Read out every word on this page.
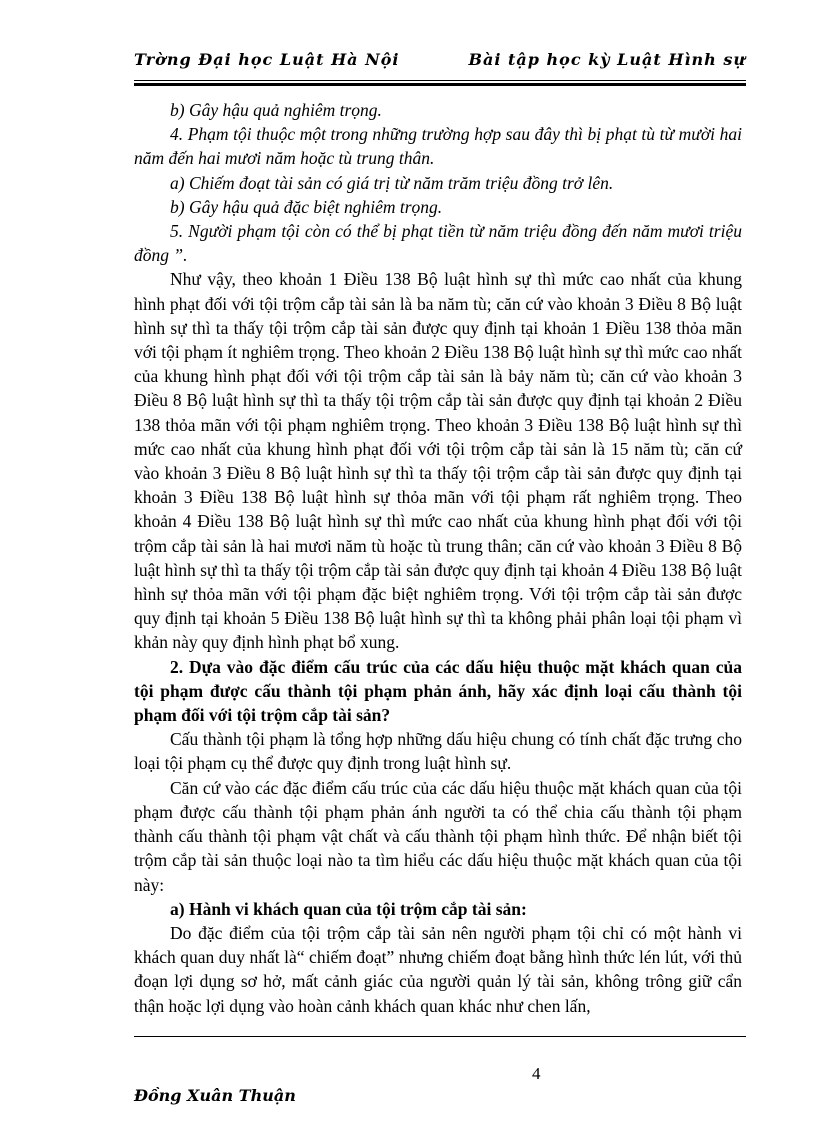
Trờng Đại học Luật Hà Nội	Bài tập học kỳ Luật Hình sự

b) Gây hậu quả nghiêm trọng.

4. Phạm tội thuộc một trong những trường hợp sau đây thì bị phạt tù từ mười hai năm đến hai mươi năm hoặc tù trung thân.

a) Chiếm đoạt tài sản có giá trị từ năm trăm triệu đồng trở lên.

b) Gây hậu quả đặc biệt nghiêm trọng.

5. Người phạm tội còn có thể bị phạt tiền từ năm triệu đồng đến năm mươi triệu đồng ”.

Như vậy, theo khoản 1 Điều 138 Bộ luật hình sự thì mức cao nhất của khung hình phạt đối với tội trộm cắp tài sản là ba năm tù; căn cứ vào khoản 3 Điều 8 Bộ luật hình sự thì ta thấy tội trộm cắp tài sản được quy định tại khoản 1 Điều 138 thỏa mãn với tội phạm ít nghiêm trọng. Theo khoản 2 Điều 138 Bộ luật hình sự thì mức cao nhất của khung hình phạt đối với tội trộm cắp tài sản là bảy năm tù; căn cứ vào khoản 3 Điều 8 Bộ luật hình sự thì ta thấy tội trộm cắp tài sản được quy định tại khoản 2 Điều 138 thỏa mãn với tội phạm nghiêm trọng. Theo khoản 3 Điều 138 Bộ luật hình sự thì mức cao nhất của khung hình phạt đối với tội trộm cắp tài sản là 15 năm tù; căn cứ vào khoản 3 Điều 8 Bộ luật hình sự thì ta thấy tội trộm cắp tài sản được quy định tại khoản 3 Điều 138 Bộ luật hình sự thỏa mãn với tội phạm rất nghiêm trọng. Theo khoản 4 Điều 138 Bộ luật hình sự thì mức cao nhất của khung hình phạt đối với tội trộm cắp tài sản là hai mươi năm tù hoặc tù trung thân; căn cứ vào khoản 3 Điều 8 Bộ luật hình sự thì ta thấy tội trộm cắp tài sản được quy định tại khoản 4 Điều 138 Bộ luật hình sự thỏa mãn với tội phạm đặc biệt nghiêm trọng. Với tội trộm cắp tài sản được quy định tại khoản 5 Điều 138 Bộ luật hình sự thì ta không phải phân loại tội phạm vì khản này quy định hình phạt bổ xung.

2. Dựa vào đặc điểm cấu trúc của các dấu hiệu thuộc mặt khách quan của tội phạm được cấu thành tội phạm phản ánh, hãy xác định loại cấu thành tội phạm đối với tội trộm cắp tài sản?

Cấu thành tội phạm là tổng hợp những dấu hiệu chung có tính chất đặc trưng cho loại tội phạm cụ thể được quy định trong luật hình sự.

Căn cứ vào các đặc điểm cấu trúc của các dấu hiệu thuộc mặt khách quan của tội phạm được cấu thành tội phạm phản ánh người ta có thể chia cấu thành tội phạm thành cấu thành tội phạm vật chất và cấu thành tội phạm hình thức. Để nhận biết tội trộm cắp tài sản thuộc loại nào ta tìm hiểu các dấu hiệu thuộc mặt khách quan của tội này:

a) Hành vi khách quan của tội trộm cắp tài sản:

Do đặc điểm của tội trộm cắp tài sản nên người phạm tội chỉ có một hành vi khách quan duy nhất là“ chiếm đoạt” nhưng chiếm đoạt bằng hình thức lén lút, với thủ đoạn lợi dụng sơ hở, mất cảnh giác của người quản lý tài sản, không trông giữ cẩn thận hoặc lợi dụng vào hoàn cảnh khách quan khác như chen lấn,

4
Đồng Xuân Thuận
